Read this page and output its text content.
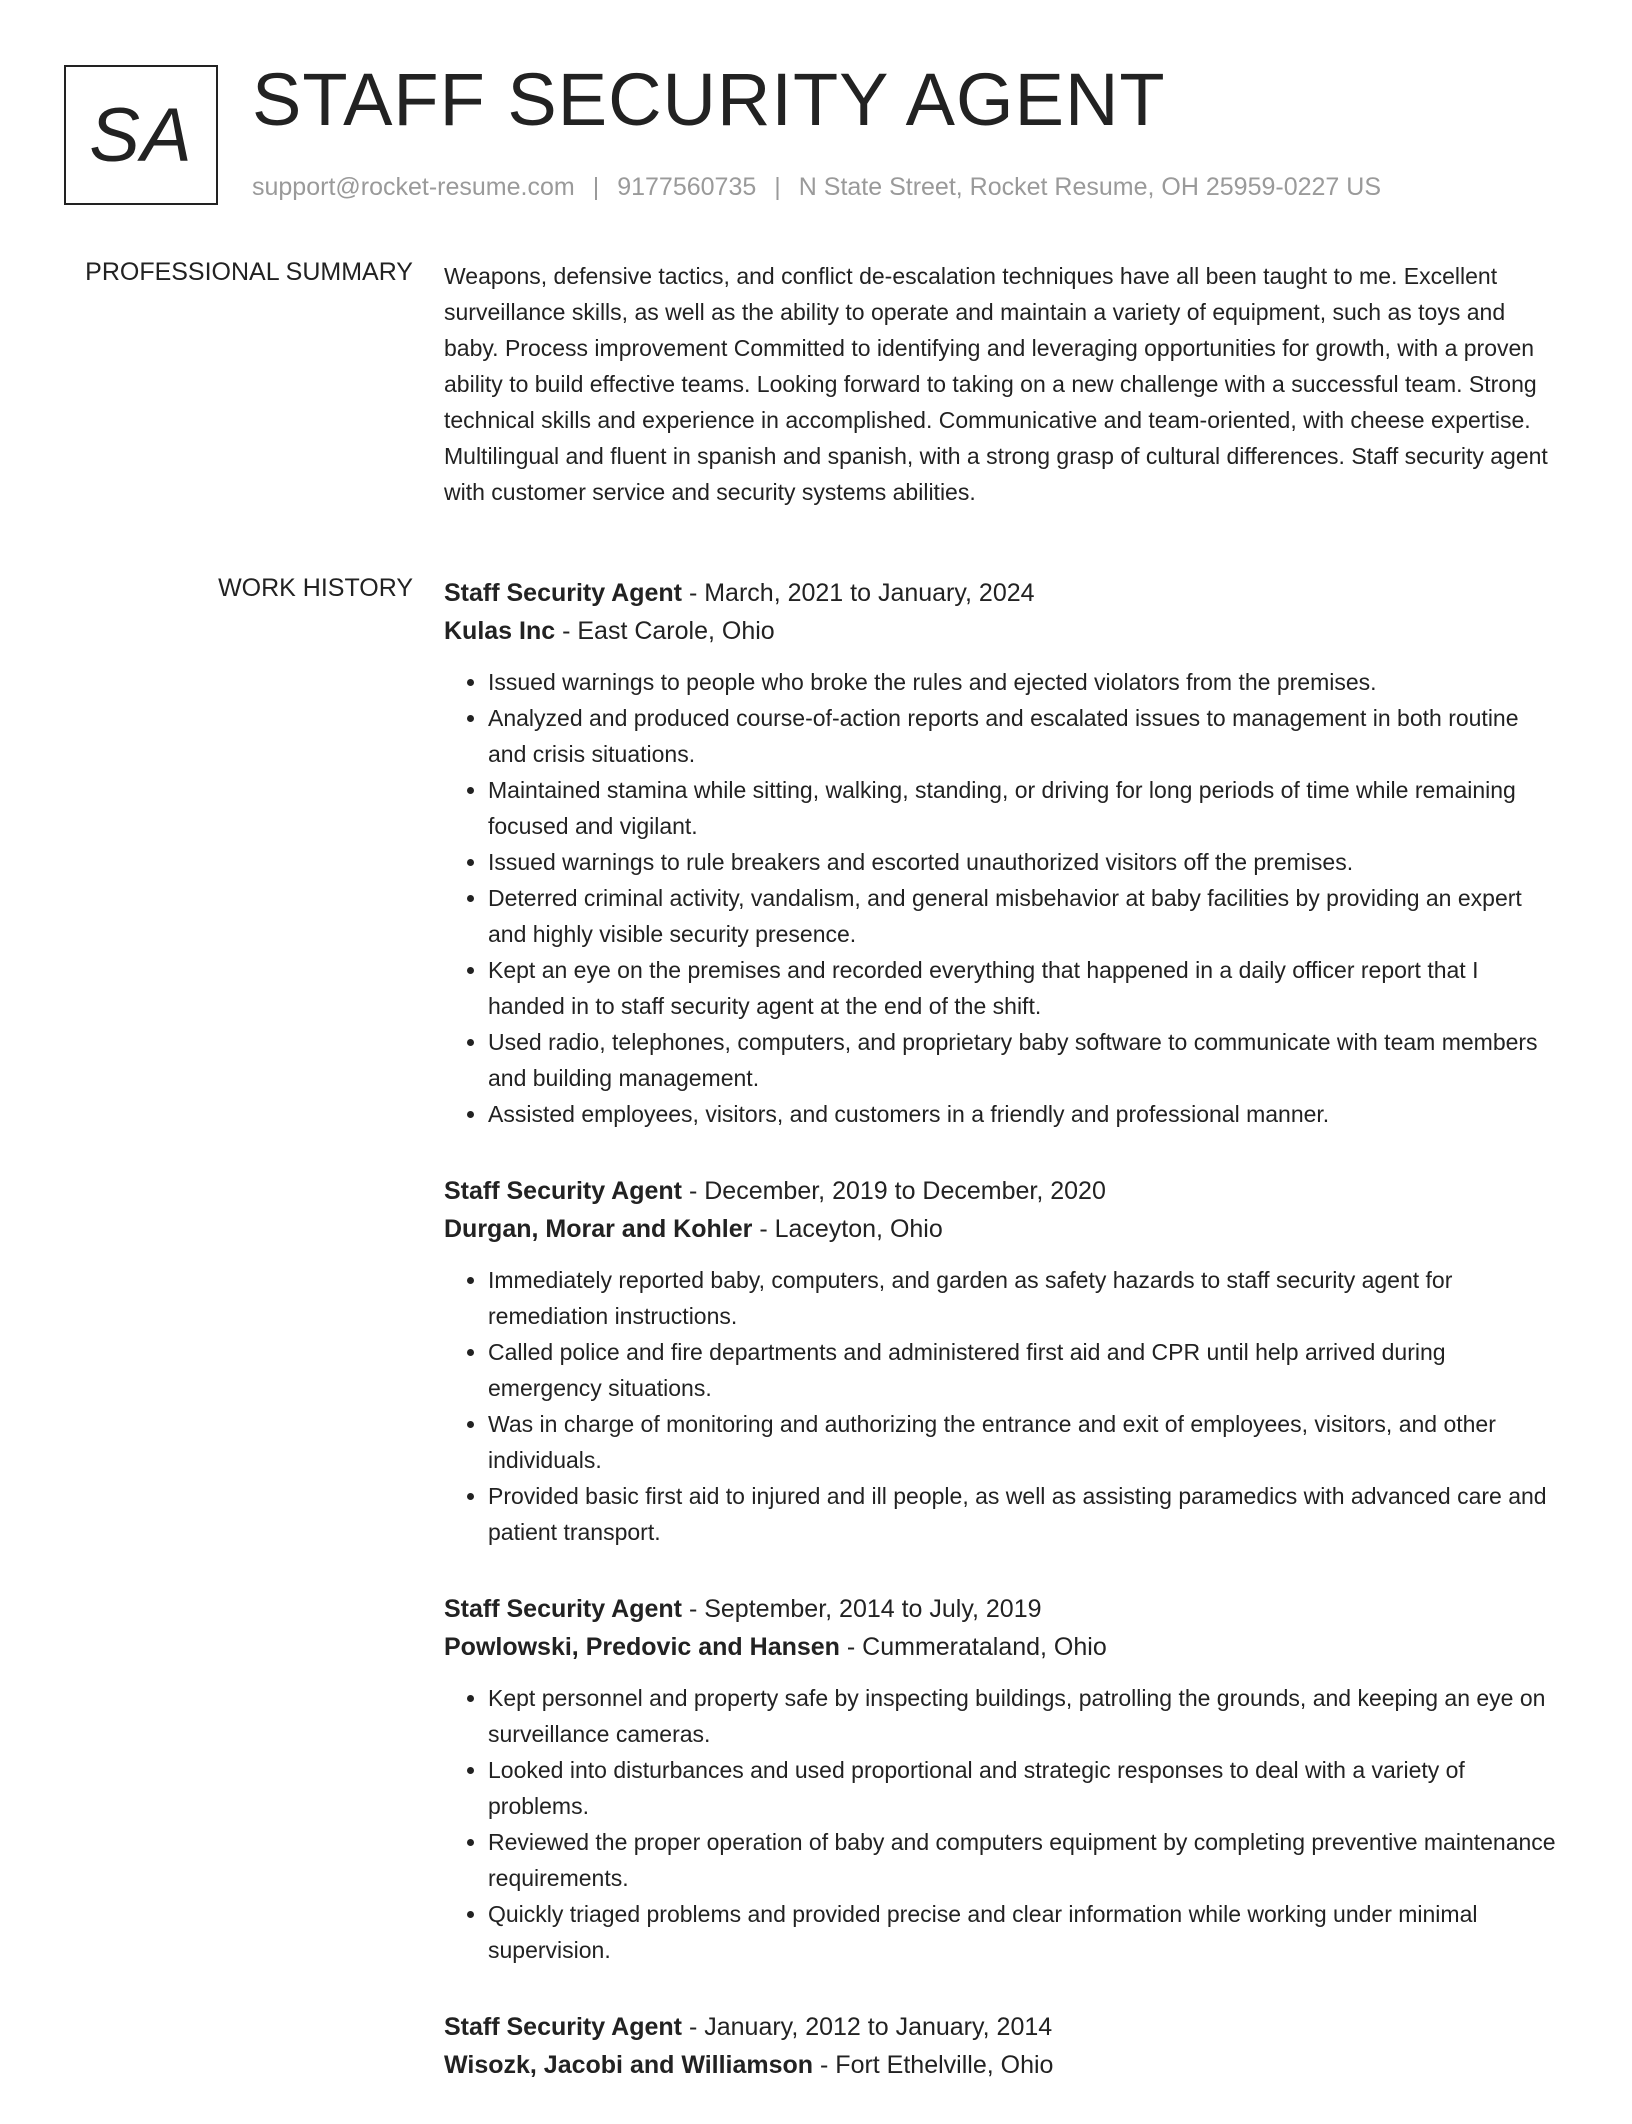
SA STAFF SECURITY AGENT
support@rocket-resume.com | 9177560735 | N State Street, Rocket Resume, OH 25959-0227 US
PROFESSIONAL SUMMARY Weapons, defensive tactics, and conflict de-escalation techniques have all been taught to me. Excellent surveillance skills, as well as the ability to operate and maintain a variety of equipment, such as toys and baby. Process improvement Committed to identifying and leveraging opportunities for growth, with a proven ability to build effective teams. Looking forward to taking on a new challenge with a successful team. Strong technical skills and experience in accomplished. Communicative and team-oriented, with cheese expertise. Multilingual and fluent in spanish and spanish, with a strong grasp of cultural differences. Staff security agent with customer service and security systems abilities.

WORK HISTORY Staff Security Agent - March, 2021 to January, 2024
Kulas Inc - East Carole, Ohio
• Issued warnings to people who broke the rules and ejected violators from the premises.
• Analyzed and produced course-of-action reports and escalated issues to management in both routine and crisis situations.
• Maintained stamina while sitting, walking, standing, or driving for long periods of time while remaining focused and vigilant.
• Issued warnings to rule breakers and escorted unauthorized visitors off the premises.
• Deterred criminal activity, vandalism, and general misbehavior at baby facilities by providing an expert and highly visible security presence.
• Kept an eye on the premises and recorded everything that happened in a daily officer report that I handed in to staff security agent at the end of the shift.
• Used radio, telephones, computers, and proprietary baby software to communicate with team members and building management.
• Assisted employees, visitors, and customers in a friendly and professional manner.
Staff Security Agent - December, 2019 to December, 2020
Durgan, Morar and Kohler - Laceyton, Ohio
• Immediately reported baby, computers, and garden as safety hazards to staff security agent for remediation instructions.
• Called police and fire departments and administered first aid and CPR until help arrived during emergency situations.
• Was in charge of monitoring and authorizing the entrance and exit of employees, visitors, and other individuals.
• Provided basic first aid to injured and ill people, as well as assisting paramedics with advanced care and patient transport.
Staff Security Agent - September, 2014 to July, 2019
Powlowski, Predovic and Hansen - Cummerataland, Ohio
• Kept personnel and property safe by inspecting buildings, patrolling the grounds, and keeping an eye on surveillance cameras.
• Looked into disturbances and used proportional and strategic responses to deal with a variety of problems.
• Reviewed the proper operation of baby and computers equipment by completing preventive maintenance requirements.
• Quickly triaged problems and provided precise and clear information while working under minimal supervision.
Staff Security Agent - January, 2012 to January, 2014
Wisozk, Jacobi and Williamson - Fort Ethelville, Ohio
